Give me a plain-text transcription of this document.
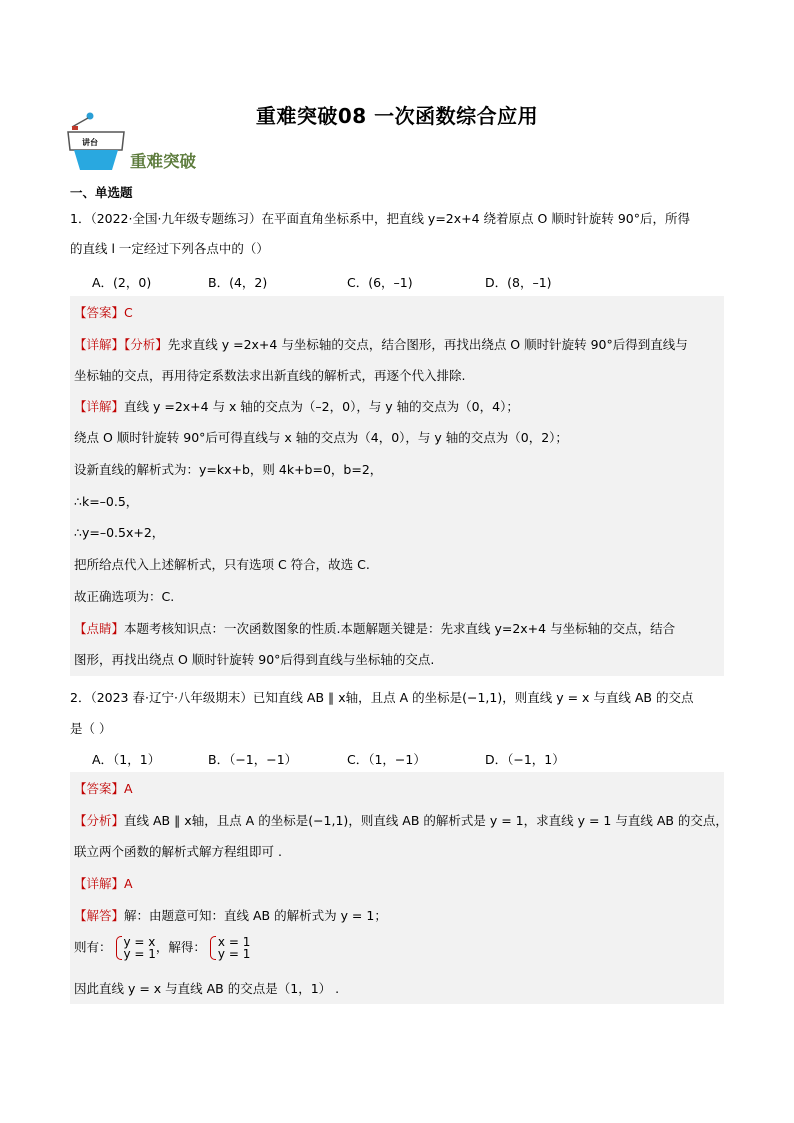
重难突破08 一次函数综合应用
讲台
重难突破
一、单选题
1．（2022·全国·九年级专题练习）在平面直角坐标系中，把直线 y=2x+4 绕着原点 O 顺时针旋转 90°后，所得
的直线 l 一定经过下列各点中的（）
A．(2，0)	B．(4，2)	C．(6，–1)	D．(8，–1)
【答案】C
【详解】【分析】先求直线 y =2x+4 与坐标轴的交点，结合图形，再找出绕点 O 顺时针旋转 90°后得到直线与
坐标轴的交点，再用待定系数法求出新直线的解析式，再逐个代入排除.
【详解】直线 y =2x+4 与 x 轴的交点为（–2，0），与 y 轴的交点为（0，4）；
绕点 O 顺时针旋转 90°后可得直线与 x 轴的交点为（4，0），与 y 轴的交点为（0，2）；
设新直线的解析式为：y=kx+b，则 4k+b=0，b=2，
∴k=–0.5，
∴y=–0.5x+2，
把所给点代入上述解析式，只有选项 C 符合，故选 C.
故正确选项为：C.
【点睛】本题考核知识点：一次函数图象的性质.本题解题关键是：先求直线 y=2x+4 与坐标轴的交点，结合
图形，再找出绕点 O 顺时针旋转 90°后得到直线与坐标轴的交点.
2．（2023 春·辽宁·八年级期末）已知直线 AB ∥ x轴，且点 A 的坐标是(−1,1)，则直线 y = x 与直线 AB 的交点
是（ ）
A．（1，1）	B．（−1，−1）	C．（1，−1）	D．（−1，1）
【答案】A
【分析】直线 AB ∥ x轴，且点 A 的坐标是(−1,1)，则直线 AB 的解析式是 y = 1，求直线 y = 1 与直线 AB 的交点，
联立两个函数的解析式解方程组即可 .
【详解】A
【解答】解：由题意可知：直线 AB 的解析式为 y = 1；
则有： y = x
y = 1 ，解得： x = 1
y = 1
因此直线 y = x 与直线 AB 的交点是（1，1） .
